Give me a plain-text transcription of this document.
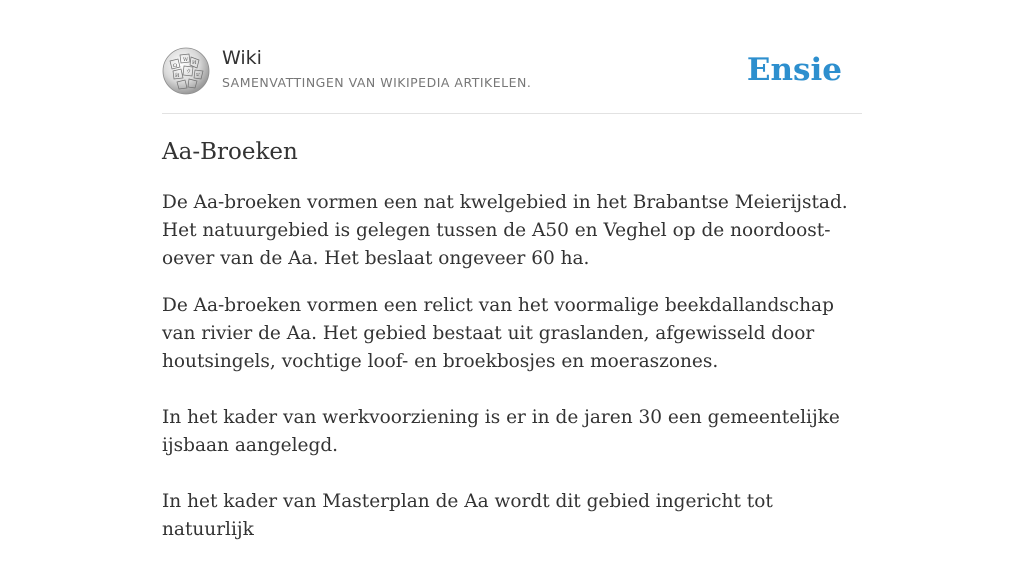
Ω
W И
Ѝ
ウ ש
Wiki
SAMENVATTINGEN VAN WIKIPEDIA ARTIKELEN.	Ensie
Aa-Broeken

De Aa-broeken vormen een nat kwelgebied in het Brabantse Meierijstad. Het natuurgebied is gelegen tussen de A50 en Veghel op de noordoost-oever van de Aa. Het beslaat ongeveer 60 ha.

De Aa-broeken vormen een relict van het voormalige beekdallandschap van rivier de Aa. Het gebied bestaat uit graslanden, afgewisseld door houtsingels, vochtige loof- en broekbosjes en moeraszones.

In het kader van werkvoorziening is er in de jaren 30 een gemeentelijke ijsbaan aangelegd.

In het kader van Masterplan de Aa wordt dit gebied ingericht tot natuurlijk
